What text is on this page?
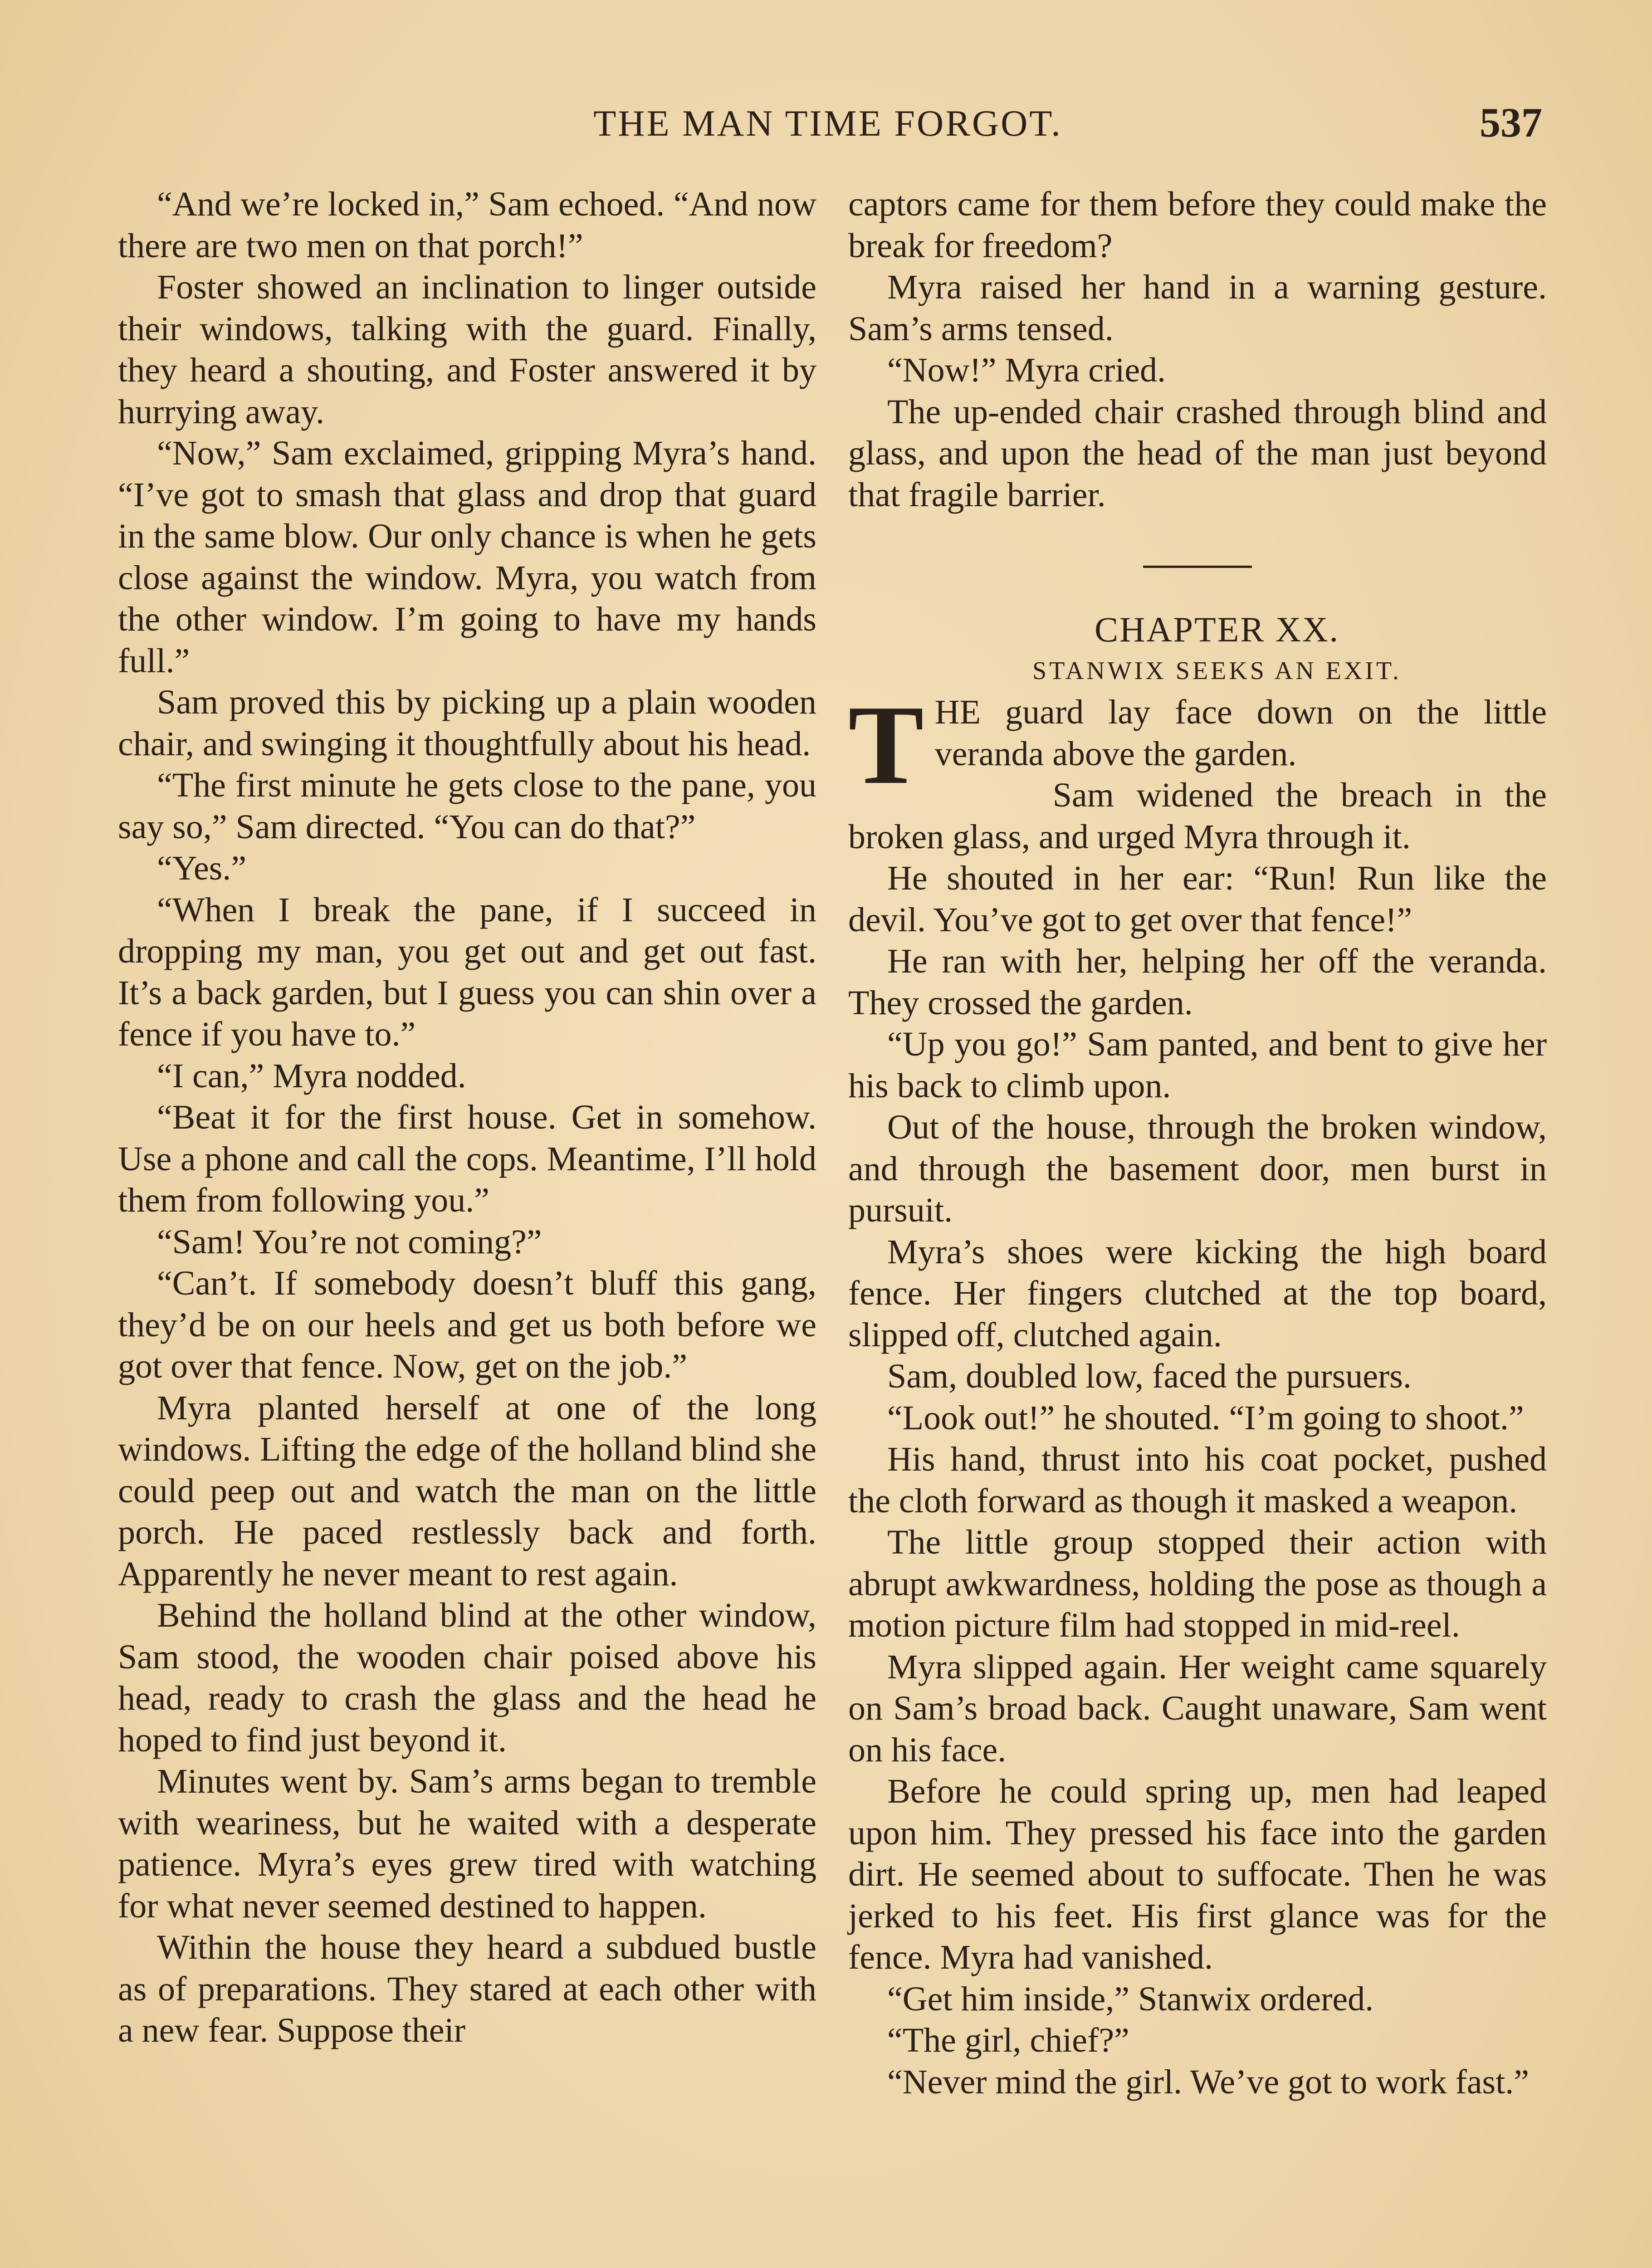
THE MAN TIME FORGOT.	537

“And we’re locked in,” Sam echoed. “And now there are two men on that porch!”

Foster showed an inclination to linger outside their windows, talking with the guard. Finally, they heard a shouting, and Foster answered it by hurrying away.

“Now,” Sam exclaimed, gripping Myra’s hand. “I’ve got to smash that glass and drop that guard in the same blow. Our only chance is when he gets close against the window. Myra, you watch from the other window. I’m going to have my hands full.”

Sam proved this by picking up a plain wooden chair, and swinging it thoughtfully about his head.

“The first minute he gets close to the pane, you say so,” Sam directed. “You can do that?”

“Yes.”

“When I break the pane, if I succeed in dropping my man, you get out and get out fast. It’s a back garden, but I guess you can shin over a fence if you have to.”

“I can,” Myra nodded.

“Beat it for the first house. Get in somehow. Use a phone and call the cops. Meantime, I’ll hold them from following you.”

“Sam! You’re not coming?”

“Can’t. If somebody doesn’t bluff this gang, they’d be on our heels and get us both before we got over that fence. Now, get on the job.”

Myra planted herself at one of the long windows. Lifting the edge of the holland blind she could peep out and watch the man on the little porch. He paced restlessly back and forth. Apparently he never meant to rest again.

Behind the holland blind at the other window, Sam stood, the wooden chair poised above his head, ready to crash the glass and the head he hoped to find just beyond it.

Minutes went by. Sam’s arms began to tremble with weariness, but he waited with a desperate patience. Myra’s eyes grew tired with watching for what never seemed destined to happen.

Within the house they heard a subdued bustle as of preparations. They stared at each other with a new fear. Suppose their

captors came for them before they could make the break for freedom?

Myra raised her hand in a warning gesture. Sam’s arms tensed.

“Now!” Myra cried.

The up-ended chair crashed through blind and glass, and upon the head of the man just beyond that fragile barrier.

CHAPTER XX.

STANWIX SEEKS AN EXIT.

THE guard lay face down on the little veranda above the garden.

Sam widened the breach in the broken glass, and urged Myra through it.

He shouted in her ear: “Run! Run like the devil. You’ve got to get over that fence!”

He ran with her, helping her off the veranda. They crossed the garden.

“Up you go!” Sam panted, and bent to give her his back to climb upon.

Out of the house, through the broken window, and through the basement door, men burst in pursuit.

Myra’s shoes were kicking the high board fence. Her fingers clutched at the top board, slipped off, clutched again.

Sam, doubled low, faced the pursuers.

“Look out!” he shouted. “I’m going to shoot.”

His hand, thrust into his coat pocket, pushed the cloth forward as though it masked a weapon.

The little group stopped their action with abrupt awkwardness, holding the pose as though a motion picture film had stopped in mid-reel.

Myra slipped again. Her weight came squarely on Sam’s broad back. Caught unaware, Sam went on his face.

Before he could spring up, men had leaped upon him. They pressed his face into the garden dirt. He seemed about to suffocate. Then he was jerked to his feet. His first glance was for the fence. Myra had vanished.

“Get him inside,” Stanwix ordered.

“The girl, chief?”

“Never mind the girl. We’ve got to work fast.”
